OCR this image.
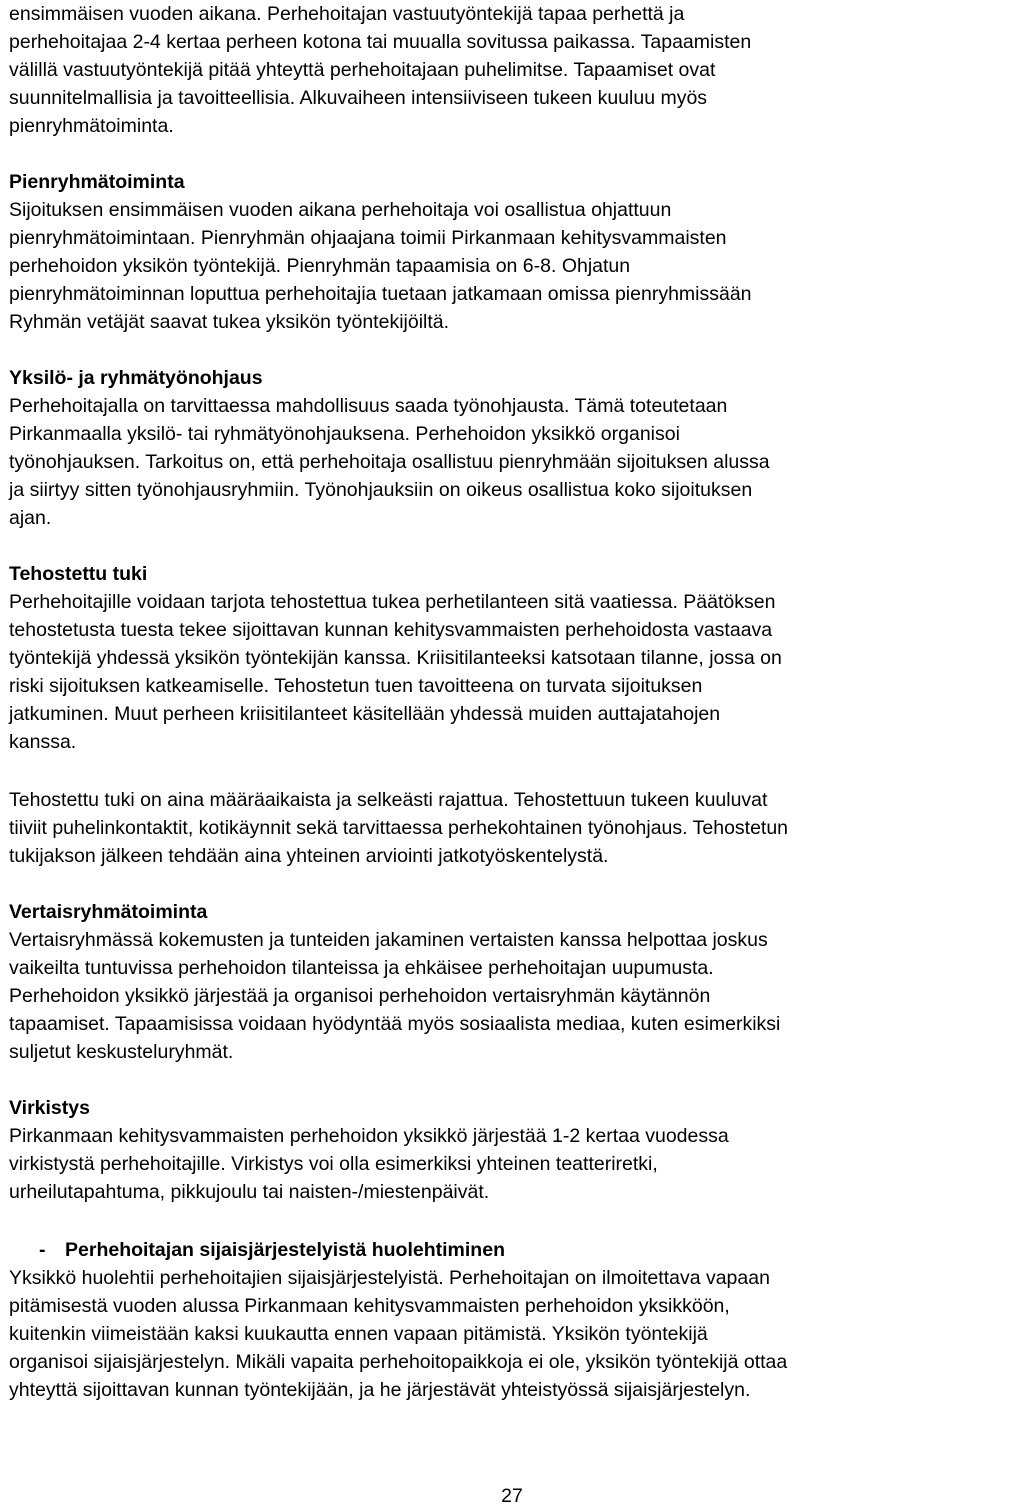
ensimmäisen vuoden aikana. Perhehoitajan vastuutyöntekijä tapaa perhettä ja
perhehoitajaa 2-4 kertaa perheen kotona tai muualla sovitussa paikassa. Tapaamisten
välillä vastuutyöntekijä pitää yhteyttä perhehoitajaan puhelimitse. Tapaamiset ovat
suunnitelmallisia ja tavoitteellisia. Alkuvaiheen intensiiviseen tukeen kuuluu myös
pienryhmätoiminta.

Pienryhmätoiminta

Sijoituksen ensimmäisen vuoden aikana perhehoitaja voi osallistua ohjattuun
pienryhmätoimintaan. Pienryhmän ohjaajana toimii Pirkanmaan kehitysvammaisten
perhehoidon yksikön työntekijä. Pienryhmän tapaamisia on 6-8. Ohjatun
pienryhmätoiminnan loputtua perhehoitajia tuetaan jatkamaan omissa pienryhmissään
Ryhmän vetäjät saavat tukea yksikön työntekijöiltä.

Yksilö- ja ryhmätyönohjaus

Perhehoitajalla on tarvittaessa mahdollisuus saada työnohjausta. Tämä toteutetaan
Pirkanmaalla yksilö- tai ryhmätyönohjauksena. Perhehoidon yksikkö organisoi
työnohjauksen. Tarkoitus on, että perhehoitaja osallistuu pienryhmään sijoituksen alussa
ja siirtyy sitten työnohjausryhmiin. Työnohjauksiin on oikeus osallistua koko sijoituksen
ajan.

Tehostettu tuki

Perhehoitajille voidaan tarjota tehostettua tukea perhetilanteen sitä vaatiessa. Päätöksen
tehostetusta tuesta tekee sijoittavan kunnan kehitysvammaisten perhehoidosta vastaava
työntekijä yhdessä yksikön työntekijän kanssa. Kriisitilanteeksi katsotaan tilanne, jossa on
riski sijoituksen katkeamiselle. Tehostetun tuen tavoitteena on turvata sijoituksen
jatkuminen. Muut perheen kriisitilanteet käsitellään yhdessä muiden auttajatahojen
kanssa.

Tehostettu tuki on aina määräaikaista ja selkeästi rajattua. Tehostettuun tukeen kuuluvat
tiiviit puhelinkontaktit, kotikäynnit sekä tarvittaessa perhekohtainen työnohjaus. Tehostetun
tukijakson jälkeen tehdään aina yhteinen arviointi jatkotyöskentelystä.

Vertaisryhmätoiminta

Vertaisryhmässä kokemusten ja tunteiden jakaminen vertaisten kanssa helpottaa joskus
vaikeilta tuntuvissa perhehoidon tilanteissa ja ehkäisee perhehoitajan uupumusta.
Perhehoidon yksikkö järjestää ja organisoi perhehoidon vertaisryhmän käytännön
tapaamiset. Tapaamisissa voidaan hyödyntää myös sosiaalista mediaa, kuten esimerkiksi
suljetut keskusteluryhmät.

Virkistys

Pirkanmaan kehitysvammaisten perhehoidon yksikkö järjestää 1-2 kertaa vuodessa
virkistystä perhehoitajille. Virkistys voi olla esimerkiksi yhteinen teatteriretki,
urheilutapahtuma, pikkujoulu tai naisten-/miestenpäivät.

- Perhehoitajan sijaisjärjestelyistä huolehtiminen

Yksikkö huolehtii perhehoitajien sijaisjärjestelyistä. Perhehoitajan on ilmoitettava vapaan
pitämisestä vuoden alussa Pirkanmaan kehitysvammaisten perhehoidon yksikköön,
kuitenkin viimeistään kaksi kuukautta ennen vapaan pitämistä. Yksikön työntekijä
organisoi sijaisjärjestelyn. Mikäli vapaita perhehoitopaikkoja ei ole, yksikön työntekijä ottaa
yhteyttä sijoittavan kunnan työntekijään, ja he järjestävät yhteistyössä sijaisjärjestelyn.

27
